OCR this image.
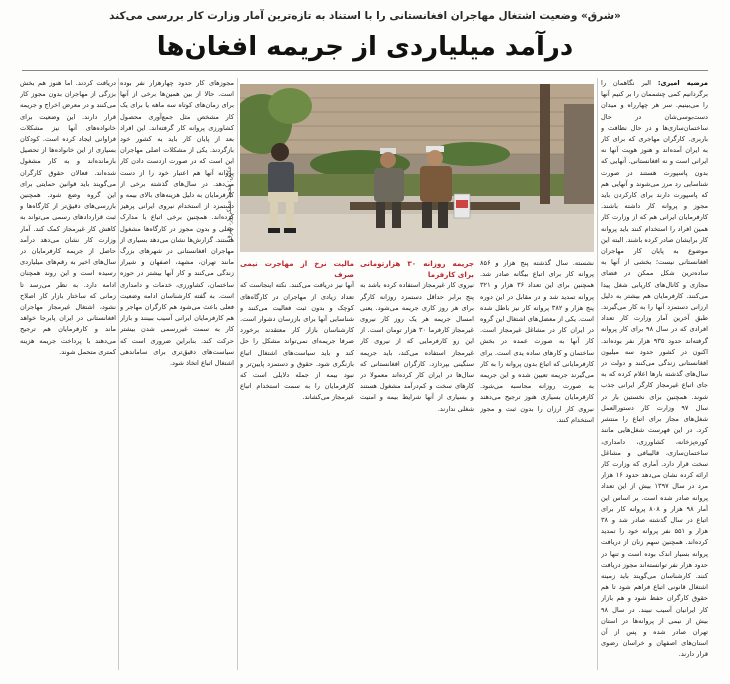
«شرق» وضعیت اشتغال مهاجران افغانستانی را با استناد به تازه‌ترین آمار وزارت کار بررسی می‌کند
درآمد میلیاردی از جریمه افغان‌ها
عکس: محمد عسکرپور، شرق

مرضیه امیری: البر نگاهمان را برگردانیم کمی چشممان را بر کنیم آنها را می‌بینیم. سر هر چهارراه و میدان دست‌بوسی‌شان در حال ساختمان‌سازی‌ها و در حال نظافت و باربری. کارگران مهاجری که برای کار به ایران آمده‌اند و هنوز هویت آنها نه ایرانی است و نه افغانستانی. آنهایی که بدون پاسپورت هستند در صورت شناسایی رد مرز می‌شوند و آنهایی هم که پاسپورت دارند برای کارکردن باید مجوز و پروانه کار داشته باشند. کارفرمایان ایرانی هم که از وزارت کار همین افراد را استخدام کنند باید پروانه کار برایشان صادر کرده باشند. البته این موضوع به پایان کار مهاجران افغانستانی نیست؛ بخشی از آنها به ساده‌ترین شکل ممکن در فضای مجازی و کانال‌های کاریابی شغل پیدا می‌کنند. کارفرمایان هم بیشتر به دلیل ارزانی دستمزد آنها را به کار می‌گیرند. طبق آخرین آمار وزارت کار تعداد افرادی که در سال ۹۸ برای کار پروانه گرفته‌اند حدود ۹۳۵ هزار نفر بوده‌اند. اکنون در کشور حدود سه میلیون افغانستانی زندگی می‌کنند و دولت در سال‌های گذشته بارها اعلام کرده که به جای اتباع غیرمجاز کارگر ایرانی جذب شوند. همچنین برای نخستین بار در سال ۹۷ وزارت کار دستورالعمل شغل‌های مجاز برای اتباع را منتشر کرد. در این فهرست شغل‌هایی مانند کوره‌پزخانه، کشاورزی، دامداری، ساختمان‌سازی، قالیبافی و مشاغل سخت قرار دارد. آماری که وزارت کار ارائه کرده نشان می‌دهد حدود ۱۶ هزار مرد در سال ۱۳۹۷ بیش از این تعداد پروانه صادر شده است. بر اساس این آمار ۹۸ هزار و ۸۰۸ پروانه کار برای اتباع در سال گذشته صادر شد و ۳۸ هزار و ۵۵۱ نفر پروانه خود را تمدید کرده‌اند. همچنین سهم زنان از دریافت پروانه بسیار اندک بوده است و تنها در حدود هزار نفر توانسته‌اند مجوز دریافت کنند. کارشناسان می‌گویند باید زمینه اشتغال قانونی اتباع فراهم شود تا هم حقوق کارگران حفظ شود و هم بازار کار ایرانیان آسیب نبیند. در سال ۹۸ بیش از نیمی از پروانه‌ها در استان تهران صادر شده و پس از آن استان‌های اصفهان و خراسان رضوی قرار دارند.

نشسته. سال گذشته پنج هزار و ۸۵۶ پروانه کار برای اتباع بیگانه صادر شد. همچنین برای این تعداد ۳۶ هزار و ۳۲۱ پروانه تمدید شد و در مقابل در این دوره پنج هزار و ۳۸۲ پروانه کار نیز باطل شده است. یکی از معضل‌های اشتغال این گروه در ایران کار در مشاغل غیرمجاز است. کار آنها به صورت عمده در بخش ساختمان و کارهای ساده یدی است. برای کارفرمایانی که اتباع بدون پروانه را به کار می‌گیرند جریمه تعیین شده و این جریمه به صورت روزانه محاسبه می‌شود. کارفرمایان بسیاری هنوز ترجیح می‌دهند نیروی کار ارزان را بدون ثبت و مجوز استخدام کنند.

جریمه روزانه ۳۰ هزارتومانی برای کارفرما

نیروی کار غیرمجاز استفاده کرده باشد به پنج برابر حداقل دستمزد روزانه کارگر برای هر روز کاری جریمه می‌شود. یعنی امسال جریمه هر یک روز کار نیروی غیرمجاز کارفرما ۳۰ هزار تومان است. از این رو کارفرمایی که از نیروی کار غیرمجاز استفاده می‌کند، باید جریمه سنگینی بپردازد. کارگران افغانستانی که سال‌ها در ایران کار کرده‌اند معمولا در کارهای سخت و کم‌درآمد مشغول هستند و بسیاری از آنها شرایط بیمه و امنیت شغلی ندارند.

مالیت نرخ از مهاجرت نیمی صرف

آنها نیز دریافت می‌کنند. نکته اینجاست که تعداد زیادی از مهاجران در کارگاه‌های کوچک و بدون ثبت فعالیت می‌کنند و شناسایی آنها برای بازرسان دشوار است. کارشناسان بازار کار معتقدند برخورد صرفا جریمه‌ای نمی‌تواند مشکل را حل کند و باید سیاست‌های اشتغال اتباع بازنگری شود. حقوق و دستمزد پایین‌تر و نبود بیمه از جمله دلایلی است که کارفرمایان را به سمت استخدام اتباع غیرمجاز می‌کشاند.

مجوزهای کار حدود چهارهزار نفر بوده است. حالا از بین همین‌ها برخی از آنها برای زمان‌های کوتاه سه ماهه یا برای یک کار مشخص مثل جمع‌آوری محصول کشاورزی پروانه کار گرفته‌اند. این افراد بعد از پایان کار باید به کشور خود بازگردند. یکی از مشکلات اصلی مهاجران این است که در صورت ازدست دادن کار پروانه آنها هم اعتبار خود را از دست می‌دهد. در سال‌های گذشته برخی از کارفرمایان به دلیل هزینه‌های بالای بیمه و دستمزد از استخدام نیروی ایرانی پرهیز کرده‌اند. همچنین برخی اتباع با مدارک جعلی و بدون مجوز در کارگاه‌ها مشغول هستند. گزارش‌ها نشان می‌دهد بسیاری از مهاجران افغانستانی در شهرهای بزرگ مانند تهران، مشهد، اصفهان و شیراز زندگی می‌کنند و کار آنها بیشتر در حوزه ساختمان، کشاورزی، خدمات و دامداری است. به گفته کارشناسان ادامه وضعیت فعلی باعث می‌شود هم کارگران مهاجر و هم کارفرمایان ایرانی آسیب ببینند و بازار کار به سمت غیررسمی شدن بیشتر حرکت کند. بنابراین ضروری است که سیاست‌های دقیق‌تری برای ساماندهی اشتغال اتباع اتخاذ شود.

دریافت کردند. اما هنوز هم بخش بزرگی از مهاجران بدون مجوز کار می‌کنند و در معرض اخراج و جریمه قرار دارند. این وضعیت برای خانواده‌های آنها نیز مشکلات فراوانی ایجاد کرده است. کودکان بسیاری از این خانواده‌ها از تحصیل بازمانده‌اند و به کار مشغول شده‌اند. فعالان حقوق کارگران می‌گویند باید قوانین حمایتی برای این گروه وضع شود. همچنین بازرسی‌های دقیق‌تر از کارگاه‌ها و ثبت قراردادهای رسمی می‌تواند به کاهش کار غیرمجاز کمک کند. آمار وزارت کار نشان می‌دهد درآمد حاصل از جریمه کارفرمایان در سال‌های اخیر به رقم‌های میلیاردی رسیده است و این روند همچنان ادامه دارد. به نظر می‌رسد تا زمانی که ساختار بازار کار اصلاح نشود، اشتغال غیرمجاز مهاجران افغانستانی در ایران پابرجا خواهد ماند و کارفرمایان هم ترجیح می‌دهند با پرداخت جریمه هزینه کمتری متحمل شوند.
